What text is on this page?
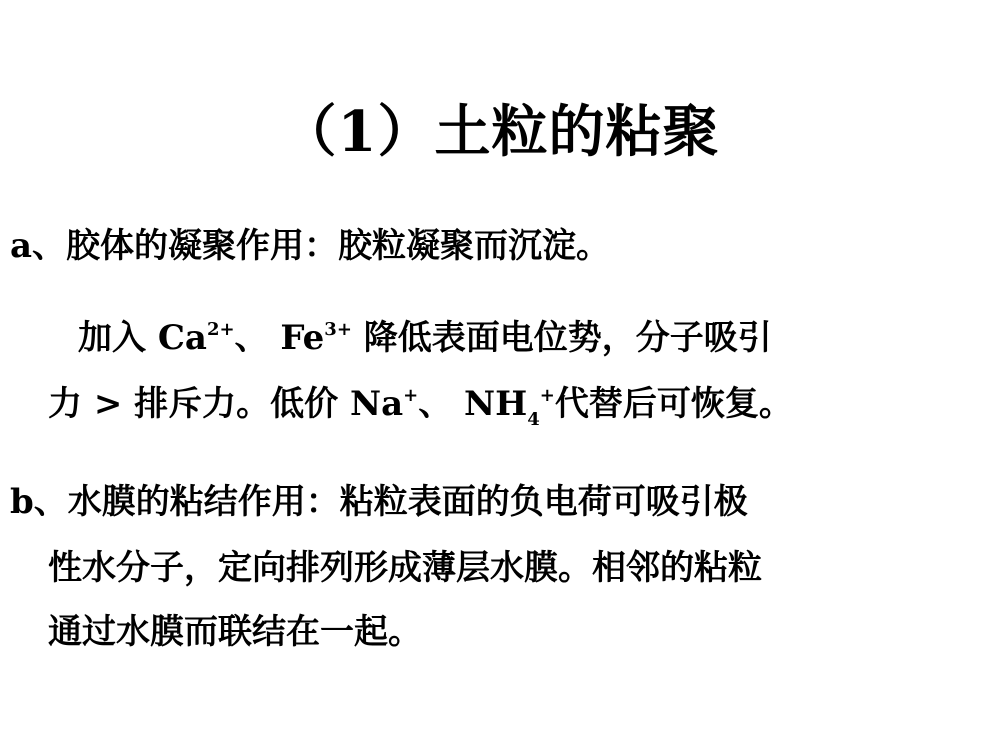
（1）土粒的粘聚
a、胶体的凝聚作用：胶粒凝聚而沉淀。
加入 $Ca^{2+}$、 $Fe^{3+}$ 降低表面电位势，分子吸引
力 > 排斥力。低价 Na+、 $NH_4^+$代替后可恢复。
b、水膜的粘结作用：粘粒表面的负电荷可吸引极
性水分子，定向排列形成薄层水膜。相邻的粘粒
通过水膜而联结在一起。
